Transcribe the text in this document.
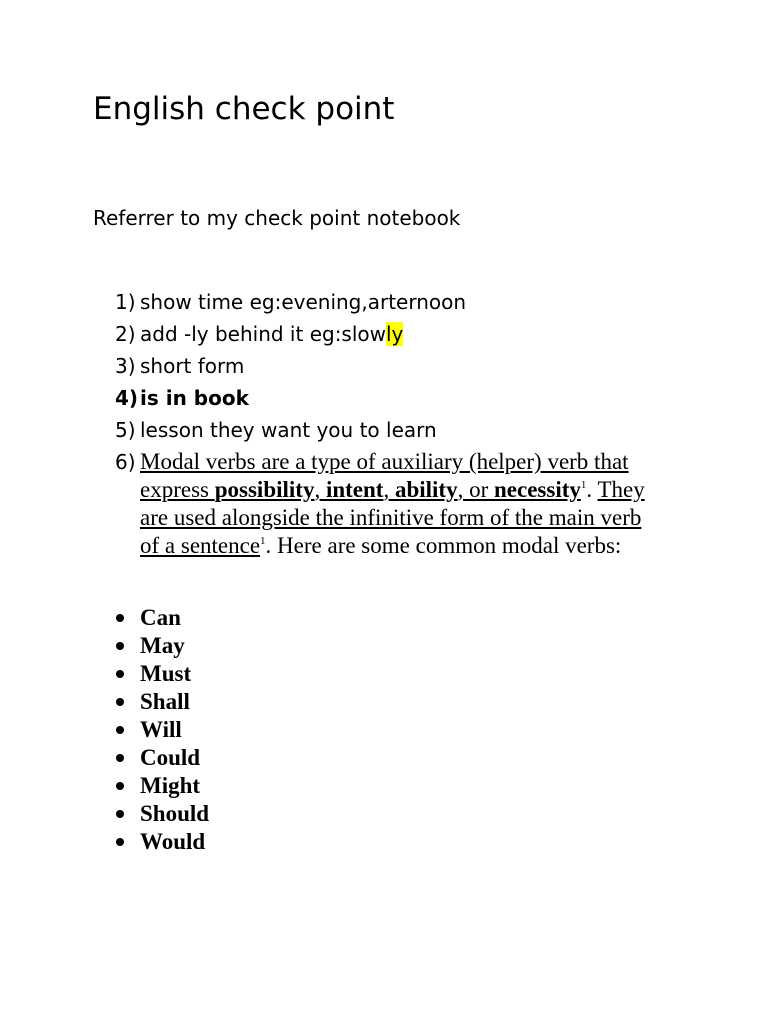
English check point
Referrer to my check point notebook
1) show time eg:evening,arternoon
2) add -ly behind it eg:slowly
3) short form
4) is in book
5) lesson they want you to learn
6) Modal verbs are a type of auxiliary (helper) verb that express possibility, intent, ability, or necessity$^1$. They are used alongside the infinitive form of the main verb of a sentence$^1$. Here are some common modal verbs:
Can
May
Must
Shall
Will
Could
Might
Should
Would
